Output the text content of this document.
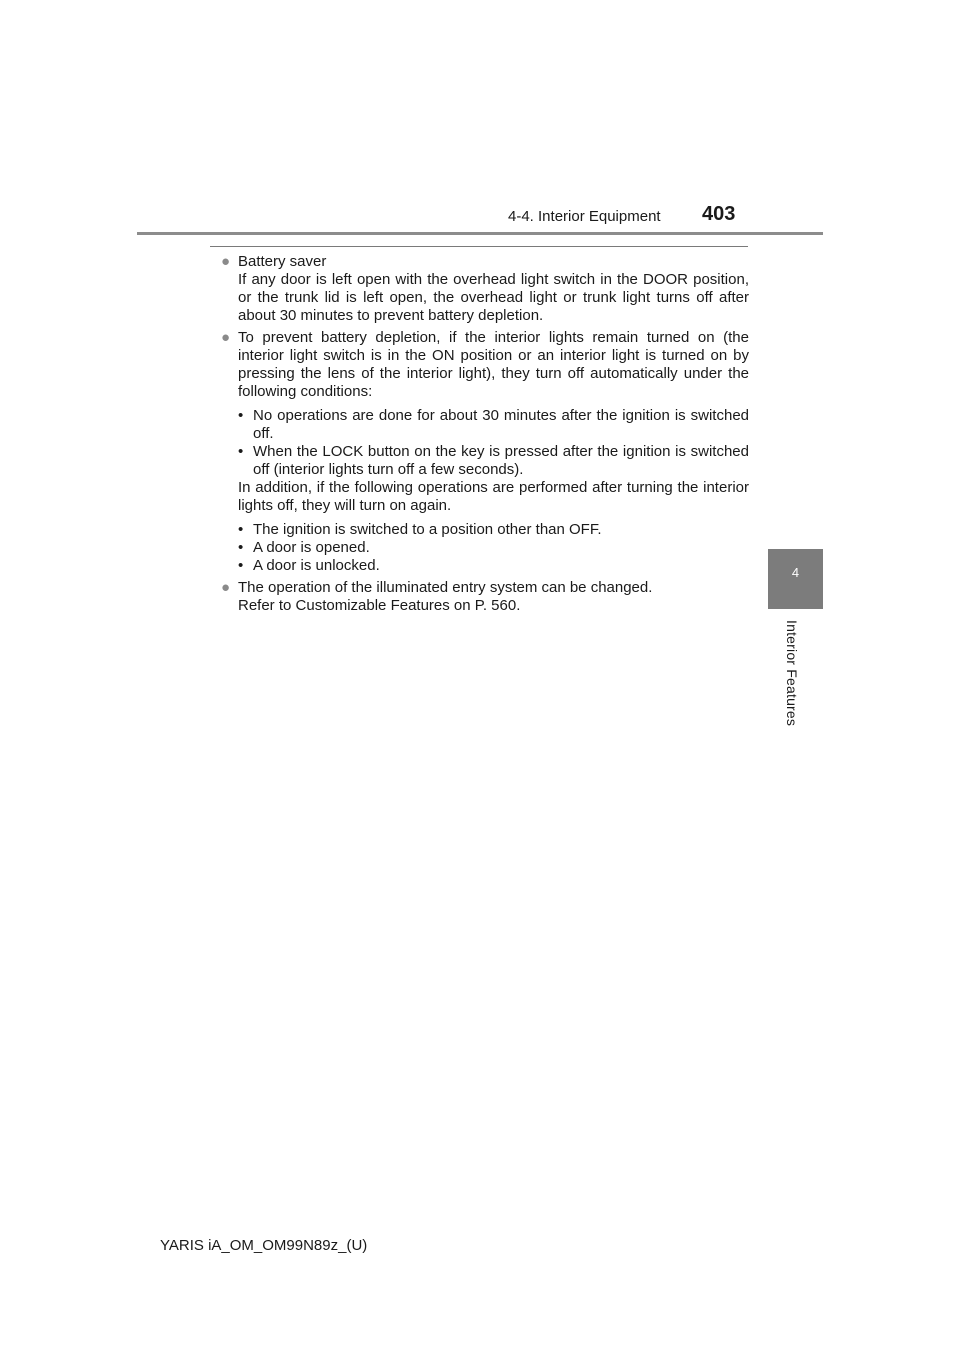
4-4. Interior Equipment 403
4
Interior Features
● Battery saver

If any door is left open with the overhead light switch in the DOOR position, or the trunk lid is left open, the overhead light or trunk light turns off after about 30 minutes to prevent battery depletion.

● To prevent battery depletion, if the interior lights remain turned on (the interior light switch is in the ON position or an interior light is turned on by pressing the lens of the interior light), they turn off automatically under the following conditions:

• No operations are done for about 30 minutes after the ignition is switched off.
• When the LOCK button on the key is pressed after the ignition is switched off (interior lights turn off a few seconds).

In addition, if the following operations are performed after turning the interior lights off, they will turn on again.

• The ignition is switched to a position other than OFF.
• A door is opened.
• A door is unlocked.
● The operation of the illuminated entry system can be changed.

Refer to Customizable Features on P. 560.

YARIS iA_OM_OM99N89z_(U)
